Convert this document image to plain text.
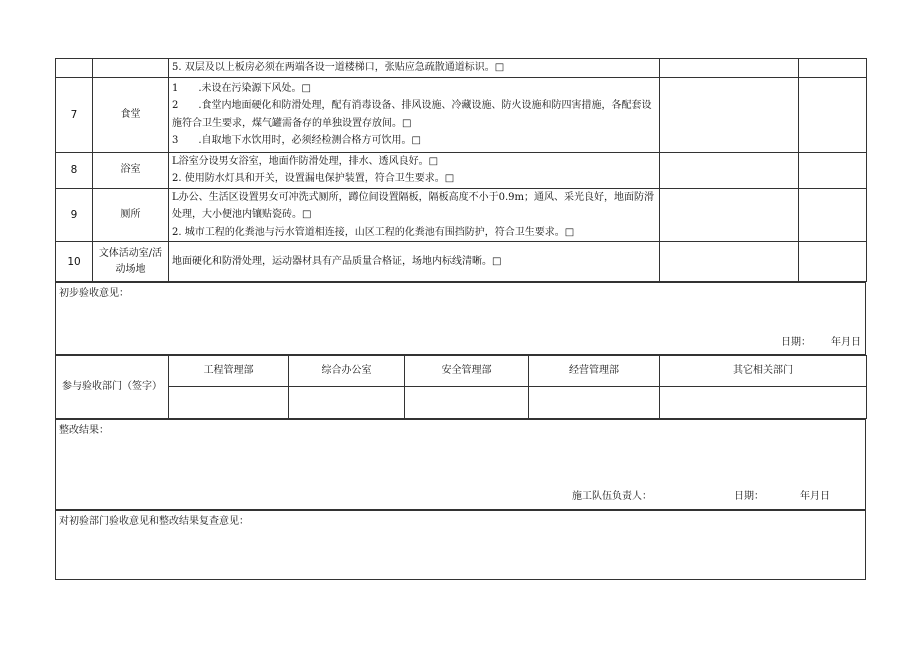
		5. 双层及以上板房必须在两端各设一道楼梯口，张贴应急疏散通道标识。□		

7	食堂	1　　.未设在污染源下风处。□
2　　.食堂内地面硬化和防滑处理，配有消毒设备、排风设施、冷藏设施、防火设施和防四害措施，各配套设施符合卫生要求，煤气罐需备存的单独设置存放间。□
3　　.自取地下水饮用时，必须经检测合格方可饮用。□		

8	浴室	L浴室分设男女浴室，地面作防滑处理，排水、透风良好。□
2. 使用防水灯具和开关，设置漏电保护装置，符合卫生要求。□		

9	厕所	L办公、生活区设置男女可冲洗式厕所，蹲位间设置隔板，隔板高度不小于0.9m；通风、采光良好，地面防滑处理，大小便池内镶贴瓷砖。□
2. 城市工程的化粪池与污水管道相连接，山区工程的化粪池有围挡防护，符合卫生要求。□		

10	文体活动室/活动场地	地面硬化和防滑处理，运动器材具有产品质量合格证，场地内标线清晰。□		

初步验收意见：
日期： 年月日
参与验收部门（签字）	工程管理部	综合办公室	安全管理部	经营管理部	其它相关部门

整改结果：
施工队伍负责人：	日期：	年月日
对初验部门验收意见和整改结果复查意见：
